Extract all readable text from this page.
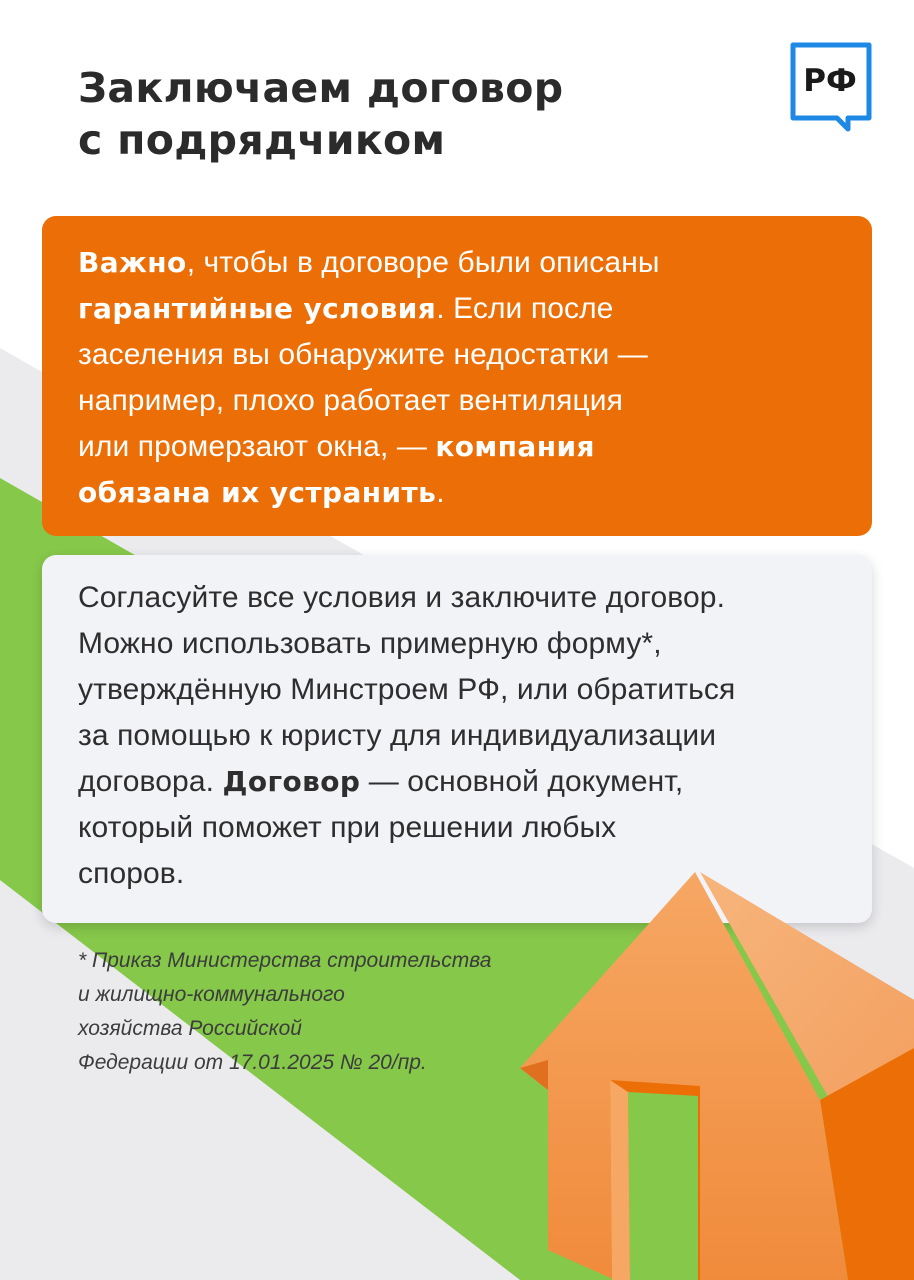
Заключаем договор
с подрядчиком
РФ

Важно, чтобы в договоре были описаны
гарантийные условия. Если после
заселения вы обнаружите недостатки —
например, плохо работает вентиляция
или промерзают окна, — компания
обязана их устранить.

Согласуйте все условия и заключите договор.
Можно использовать примерную форму*,
утверждённую Минстроем РФ, или обратиться
за помощью к юристу для индивидуализации
договора. Договор — основной документ,
который поможет при решении любых
споров.

* Приказ Министерства строительства
и жилищно-коммунального
хозяйства Российской
Федерации от 17.01.2025 № 20/пр.
